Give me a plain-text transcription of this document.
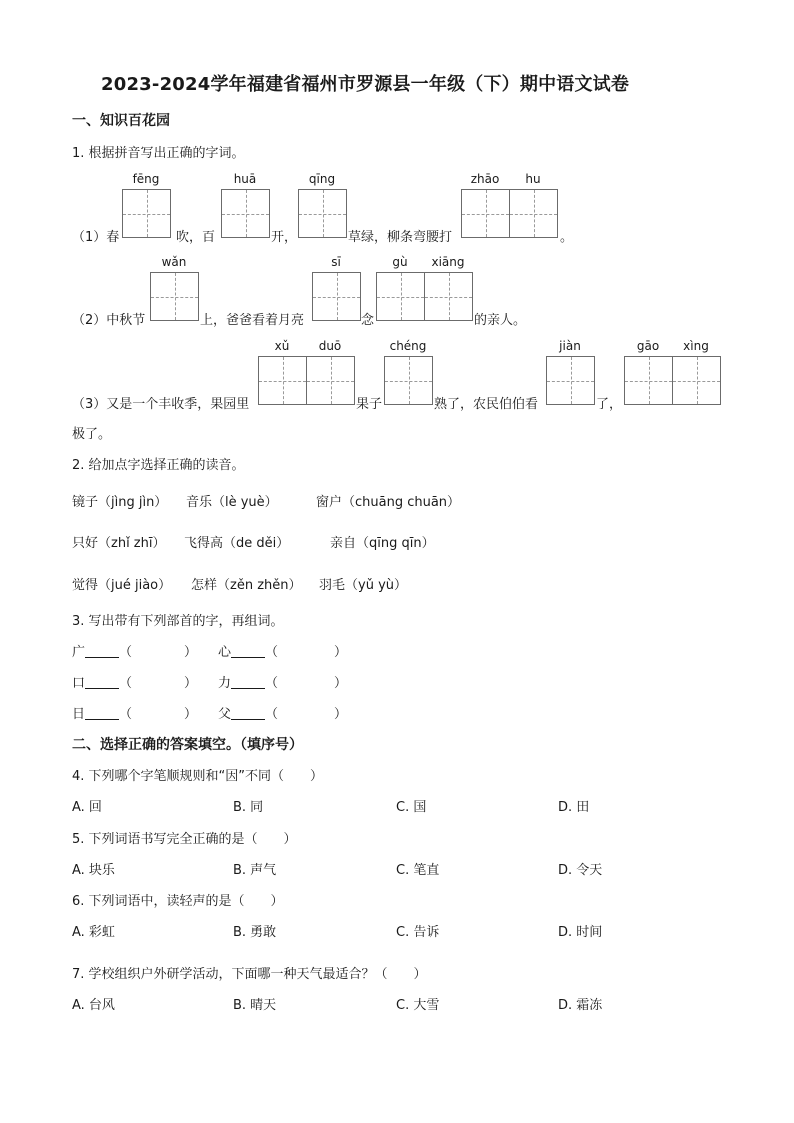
2023-2024学年福建省福州市罗源县一年级（下）期中语文试卷
一、知识百花园
1. 根据拼音写出正确的字词。
fēng	huā	qīng	zhāo	hu
（1）春	吹，百	开，	草绿，柳条弯腰打	。
wǎn	sī	gù	xiāng
（2）中秋节	上，爸爸看着月亮	念	的亲人。
xǔ	duō	chéng	jiàn	gāo	xìng
（3）又是一个丰收季，果园里	果子	熟了，农民伯伯看	了，
极了。
2. 给加点字选择正确的读音。
镜子（jìng jìn） 音乐（lè yuè）	窗户（chuāng chuān）
只好（zhǐ zhī） 飞得高（de děi）	亲自（qīng qīn）
觉得（jué jiào） 怎样（zěn zhěn） 羽毛（yǔ yù）
3. 写出带有下列部首的字，再组词。
广	（	） 心	（	）
口	（	） 力	（	）
日	（	） 父	（	）
二、选择正确的答案填空。（填序号）
4. 下列哪个字笔顺规则和“因”不同（　　）
A. 回	B. 同	C. 国	D. 田
5. 下列词语书写完全正确的是（　　）
A. 块乐	B. 声气	C. 笔直	D. 令天
6. 下列词语中，读轻声的是（　　）
A. 彩虹	B. 勇敢	C. 告诉	D. 时间
7. 学校组织户外研学活动，下面哪一种天气最适合？（　　）
A. 台风	B. 晴天	C. 大雪	D. 霜冻
